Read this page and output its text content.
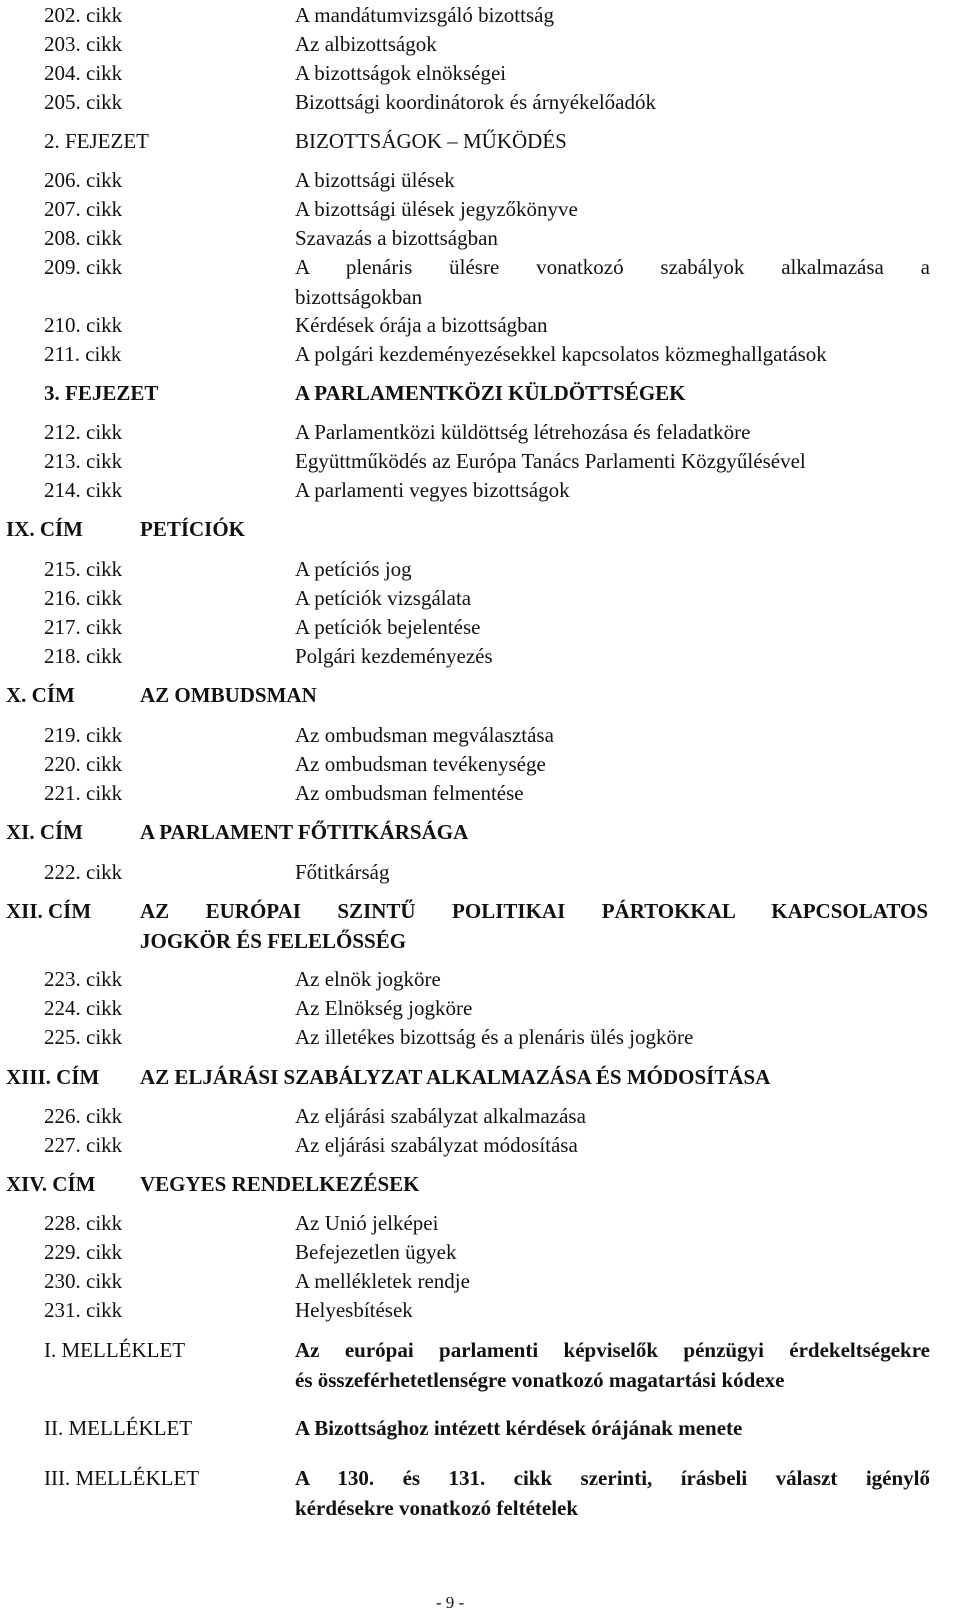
202. cikk	A mandátumvizsgáló bizottság
203. cikk	Az albizottságok
204. cikk	A bizottságok elnökségei
205. cikk	Bizottsági koordinátorok és árnyékelőadók
2. FEJEZET	BIZOTTSÁGOK – MŰKÖDÉS
206. cikk	A bizottsági ülések
207. cikk	A bizottsági ülések jegyzőkönyve
208. cikk	Szavazás a bizottságban
209. cikk	A plenáris ülésre vonatkozó szabályok alkalmazása a
bizottságokban
210. cikk	Kérdések órája a bizottságban
211. cikk	A polgári kezdeményezésekkel kapcsolatos közmeghallgatások
3. FEJEZET	A PARLAMENTKÖZI KÜLDÖTTSÉGEK
212. cikk	A Parlamentközi küldöttség létrehozása és feladatköre
213. cikk	Együttműködés az Európa Tanács Parlamenti Közgyűlésével
214. cikk	A parlamenti vegyes bizottságok
IX. CÍM	PETÍCIÓK
215. cikk	A petíciós jog
216. cikk	A petíciók vizsgálata
217. cikk	A petíciók bejelentése
218. cikk	Polgári kezdeményezés
X. CÍM	AZ OMBUDSMAN
219. cikk	Az ombudsman megválasztása
220. cikk	Az ombudsman tevékenysége
221. cikk	Az ombudsman felmentése
XI. CÍM	A PARLAMENT FŐTITKÁRSÁGA
222. cikk	Főtitkárság
XII. CÍM AZ EURÓPAI SZINTŰ POLITIKAI PÁRTOKKAL KAPCSOLATOS
JOGKÖR ÉS FELELŐSSÉG
223. cikk	Az elnök jogköre
224. cikk	Az Elnökség jogköre
225. cikk	Az illetékes bizottság és a plenáris ülés jogköre
XIII. CÍM AZ ELJÁRÁSI SZABÁLYZAT ALKALMAZÁSA ÉS MÓDOSÍTÁSA
226. cikk	Az eljárási szabályzat alkalmazása
227. cikk	Az eljárási szabályzat módosítása
XIV. CÍM VEGYES RENDELKEZÉSEK
228. cikk	Az Unió jelképei
229. cikk	Befejezetlen ügyek
230. cikk	A mellékletek rendje
231. cikk	Helyesbítések
I. MELLÉKLET	Az európai parlamenti képviselők pénzügyi érdekeltségekre
és összeférhetetlenségre vonatkozó magatartási kódexe
II. MELLÉKLET	A Bizottsághoz intézett kérdések órájának menete
III. MELLÉKLET	A 130. és 131. cikk szerinti, írásbeli választ igénylő
kérdésekre vonatkozó feltételek
- 9 -
